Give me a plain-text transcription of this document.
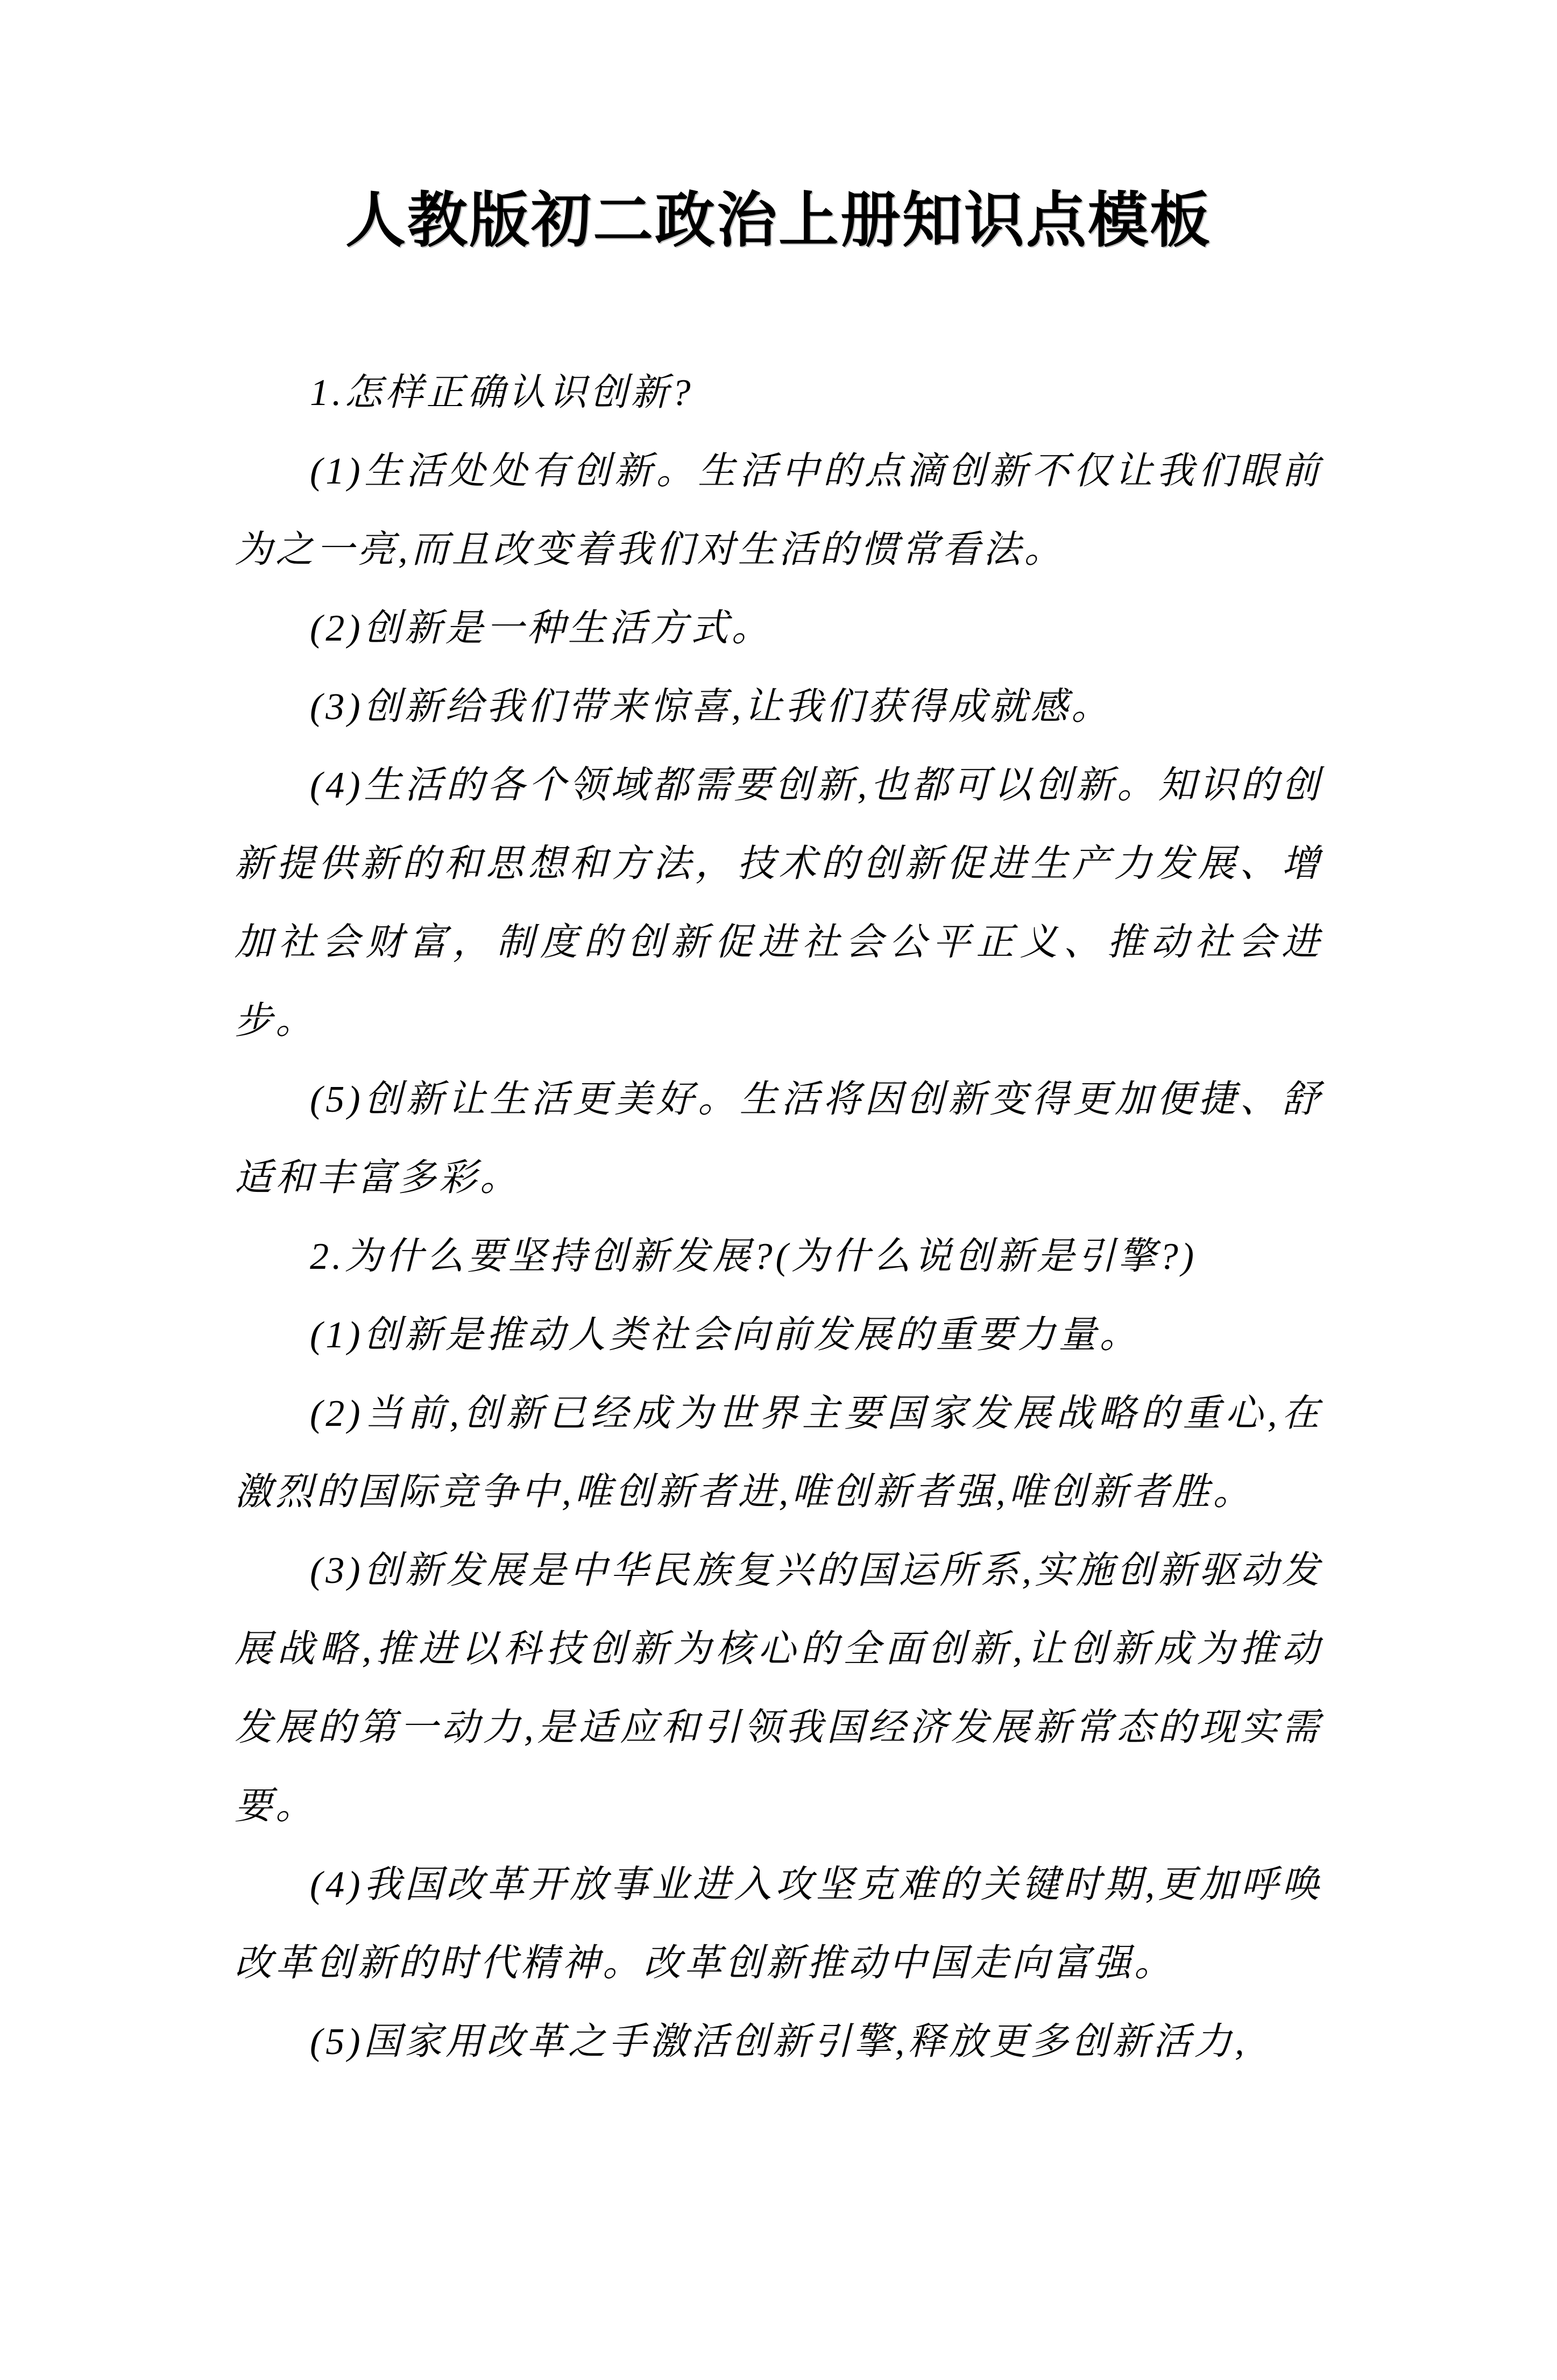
人教版初二政治上册知识点模板

1.怎样正确认识创新?

(1)生活处处有创新。生活中的点滴创新不仅让我们眼前为之一亮,而且改变着我们对生活的惯常看法。

(2)创新是一种生活方式。

(3)创新给我们带来惊喜,让我们获得成就感。

(4)生活的各个领域都需要创新,也都可以创新。知识的创新提供新的和思想和方法，技术的创新促进生产力发展、增加社会财富，制度的创新促进社会公平正义、推动社会进步。

(5)创新让生活更美好。生活将因创新变得更加便捷、舒适和丰富多彩。

2.为什么要坚持创新发展?(为什么说创新是引擎?)

(1)创新是推动人类社会向前发展的重要力量。

(2)当前,创新已经成为世界主要国家发展战略的重心,在激烈的国际竞争中,唯创新者进,唯创新者强,唯创新者胜。

(3)创新发展是中华民族复兴的国运所系,实施创新驱动发展战略,推进以科技创新为核心的全面创新,让创新成为推动发展的第一动力,是适应和引领我国经济发展新常态的现实需要。

(4)我国改革开放事业进入攻坚克难的关键时期,更加呼唤改革创新的时代精神。改革创新推动中国走向富强。

(5)国家用改革之手激活创新引擎,释放更多创新活力,
